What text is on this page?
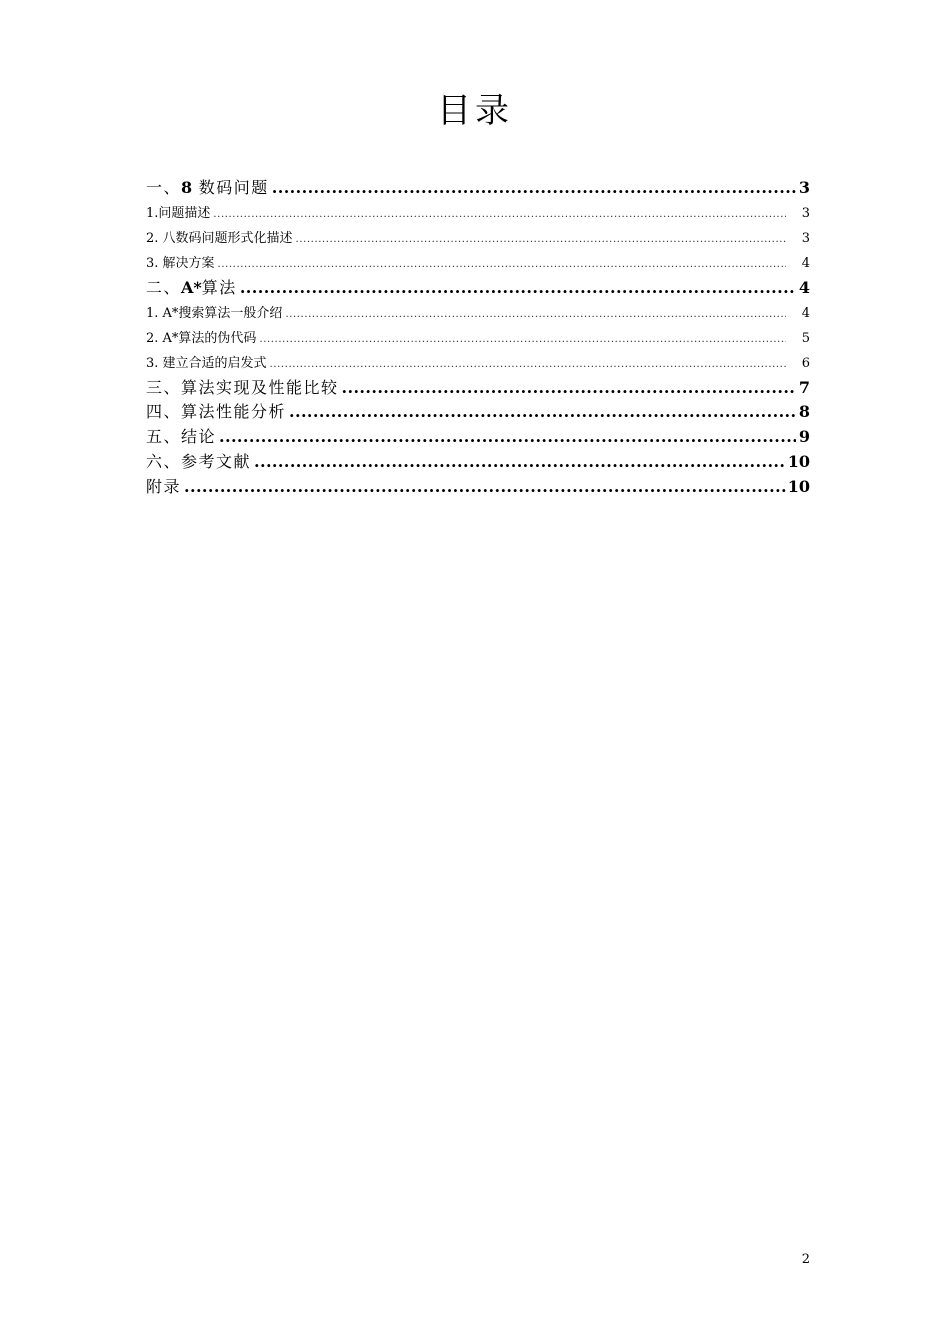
目录
一、8 数码问题 .....	3
1.问题描述 .....	3
2. 八数码问题形式化描述 .....	3
3. 解决方案 .....	4
二、A*算法 .....	4
1. A*搜索算法一般介绍 .....	4
2. A*算法的伪代码 .....	5
3. 建立合适的启发式 .....	6
三、算法实现及性能比较 .....	7
四、算法性能分析 .....	8
五、结论 .....	9
六、参考文献 .....	10
附录 .....	10
2
